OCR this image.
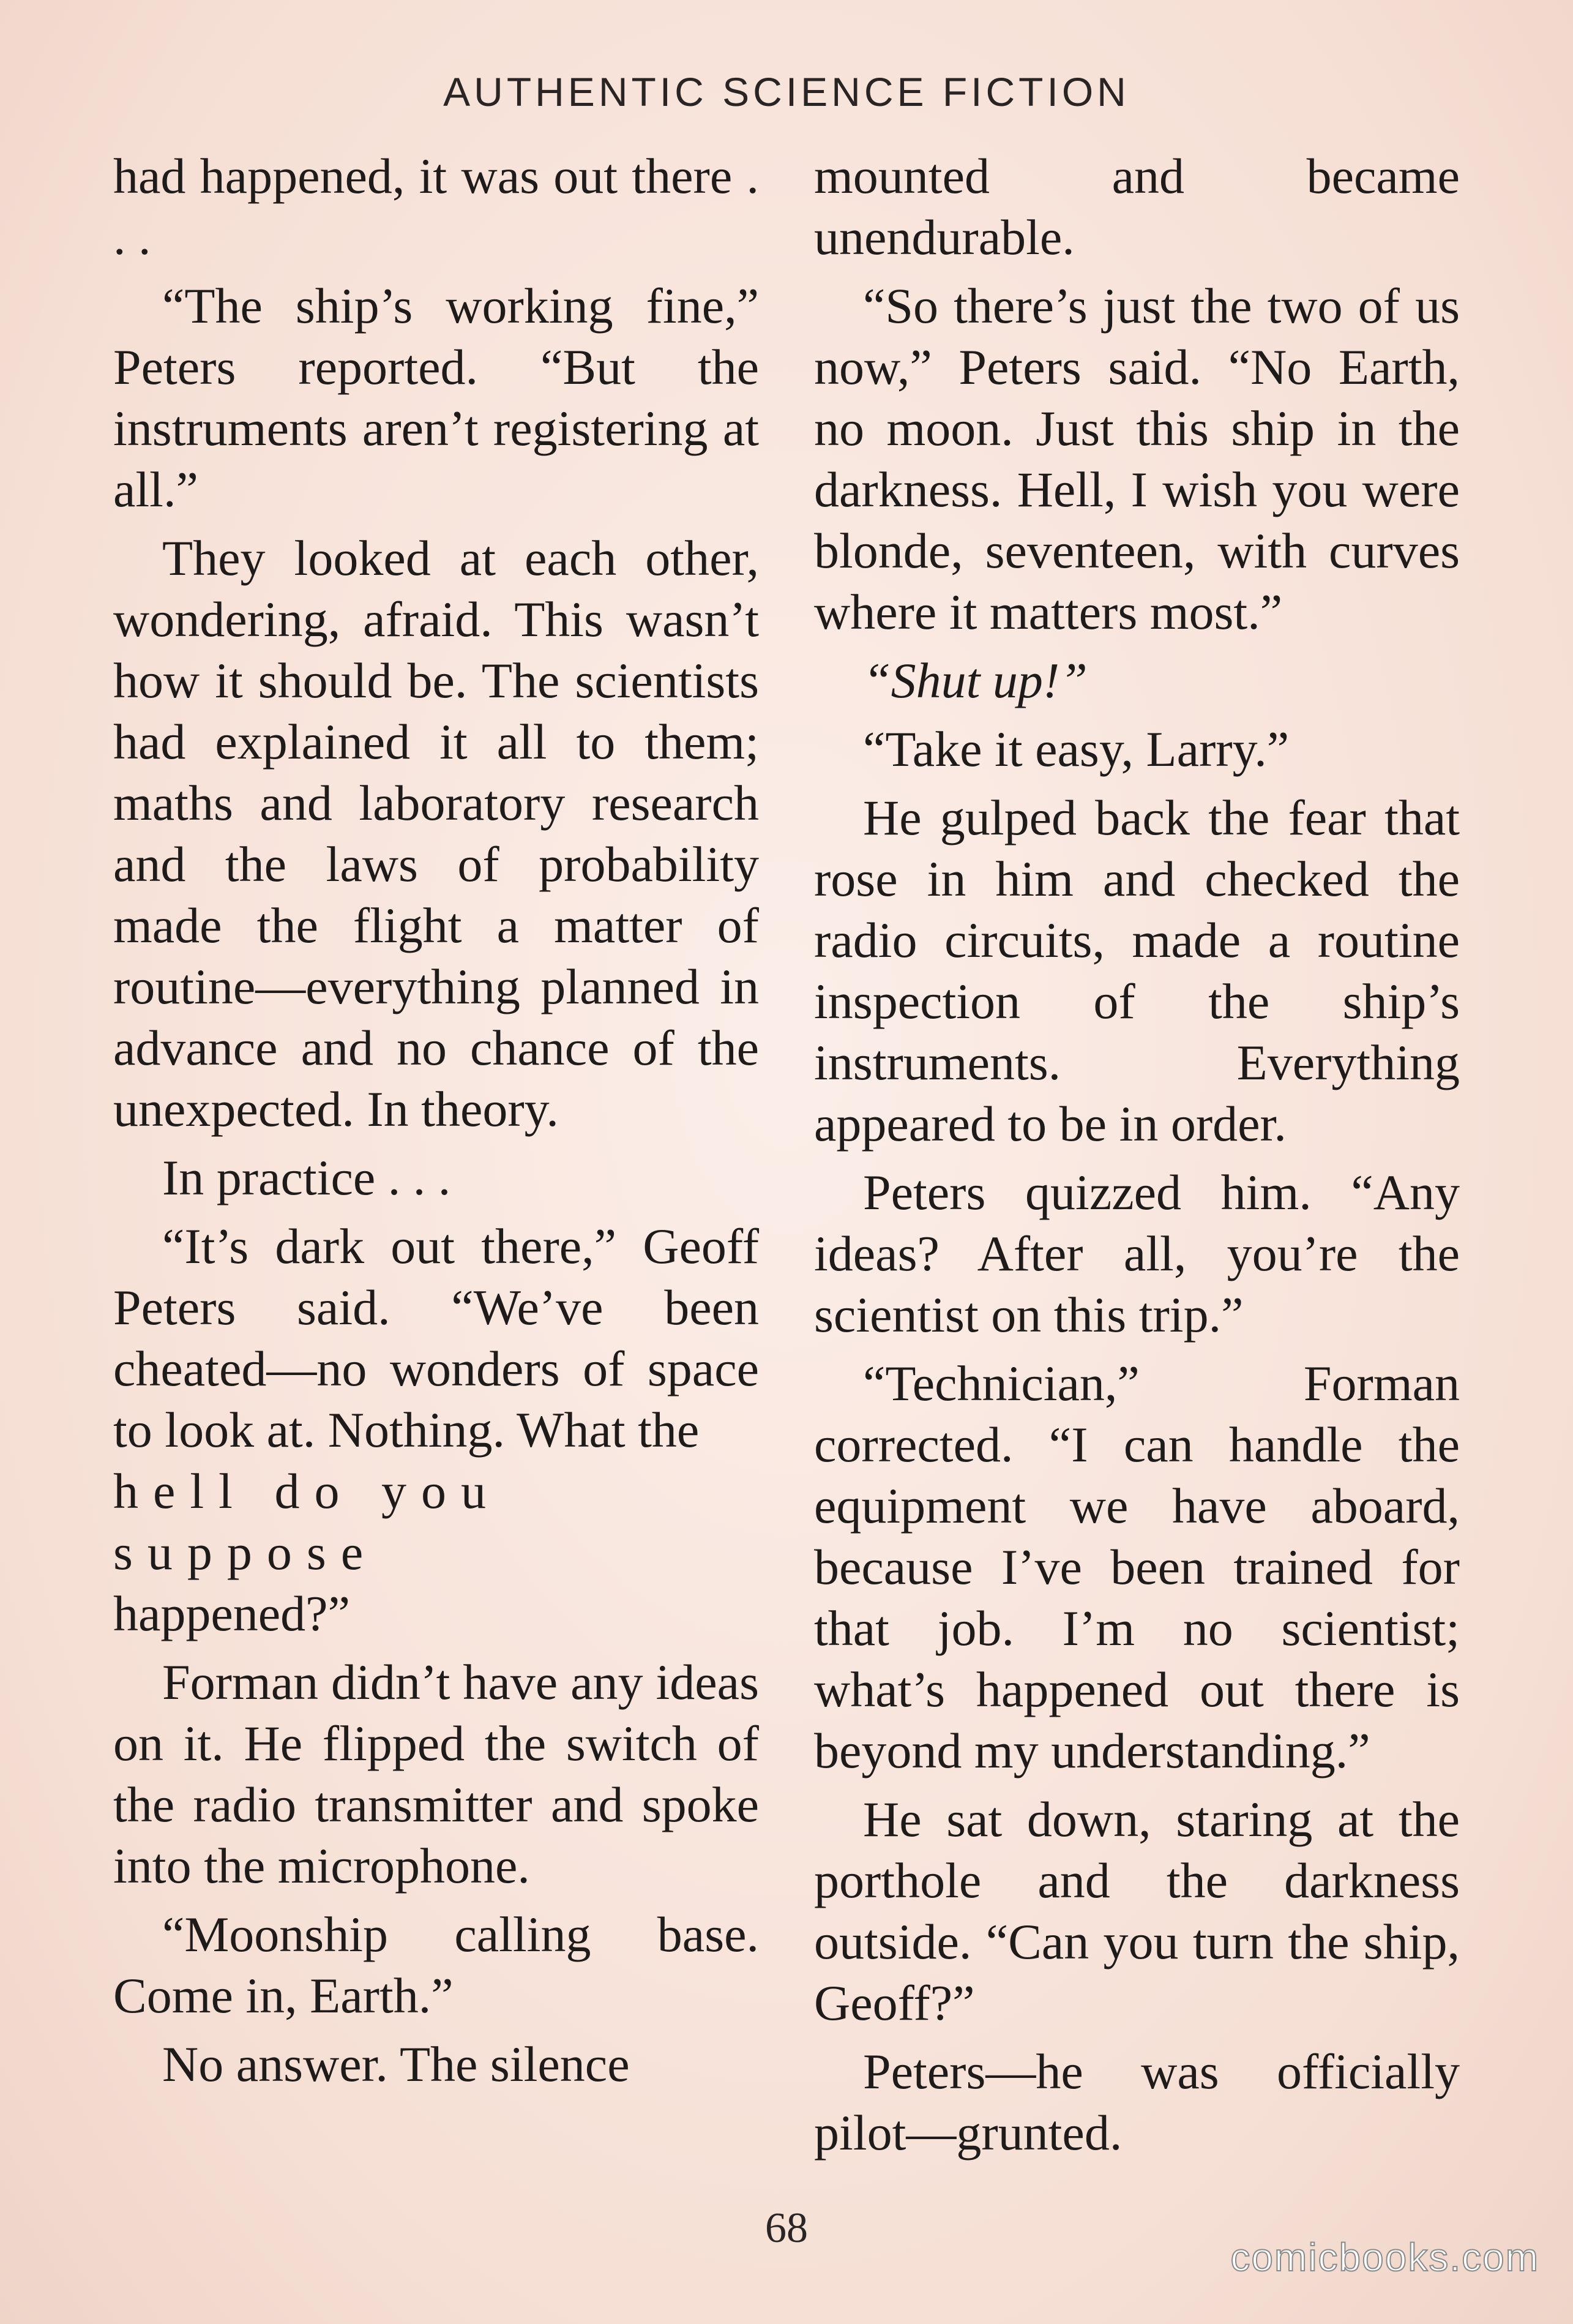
AUTHENTIC SCIENCE FICTION

had happened, it was out there . . .

“The ship’s working fine,” Peters reported. “But the instruments aren’t registering at all.”

They looked at each other, wondering, afraid. This wasn’t how it should be. The scientists had explained it all to them; maths and laboratory research and the laws of probability made the flight a matter of routine—everything planned in advance and no chance of the unexpected. In theory.

In practice . . .

“It’s dark out there,” Geoff Peters said. “We’ve been cheated—no wonders of space to look at. Nothing. What the

hell do you suppose

happened?”

Forman didn’t have any ideas on it. He flipped the switch of the radio transmitter and spoke into the microphone.

“Moonship calling base. Come in, Earth.”

No answer. The silence

mounted and became unendurable.

“So there’s just the two of us now,” Peters said. “No Earth, no moon. Just this ship in the darkness. Hell, I wish you were blonde, seventeen, with curves where it matters most.”

“Shut up!”

“Take it easy, Larry.”

He gulped back the fear that rose in him and checked the radio circuits, made a routine inspection of the ship’s instruments. Everything appeared to be in order.

Peters quizzed him. “Any ideas? After all, you’re the scientist on this trip.”

“Technician,” Forman corrected. “I can handle the equipment we have aboard, because I’ve been trained for that job. I’m no scientist; what’s happened out there is beyond my understanding.”

He sat down, staring at the porthole and the darkness outside. “Can you turn the ship, Geoff?”

Peters—he was officially pilot—grunted.

68
comicbooks.com
